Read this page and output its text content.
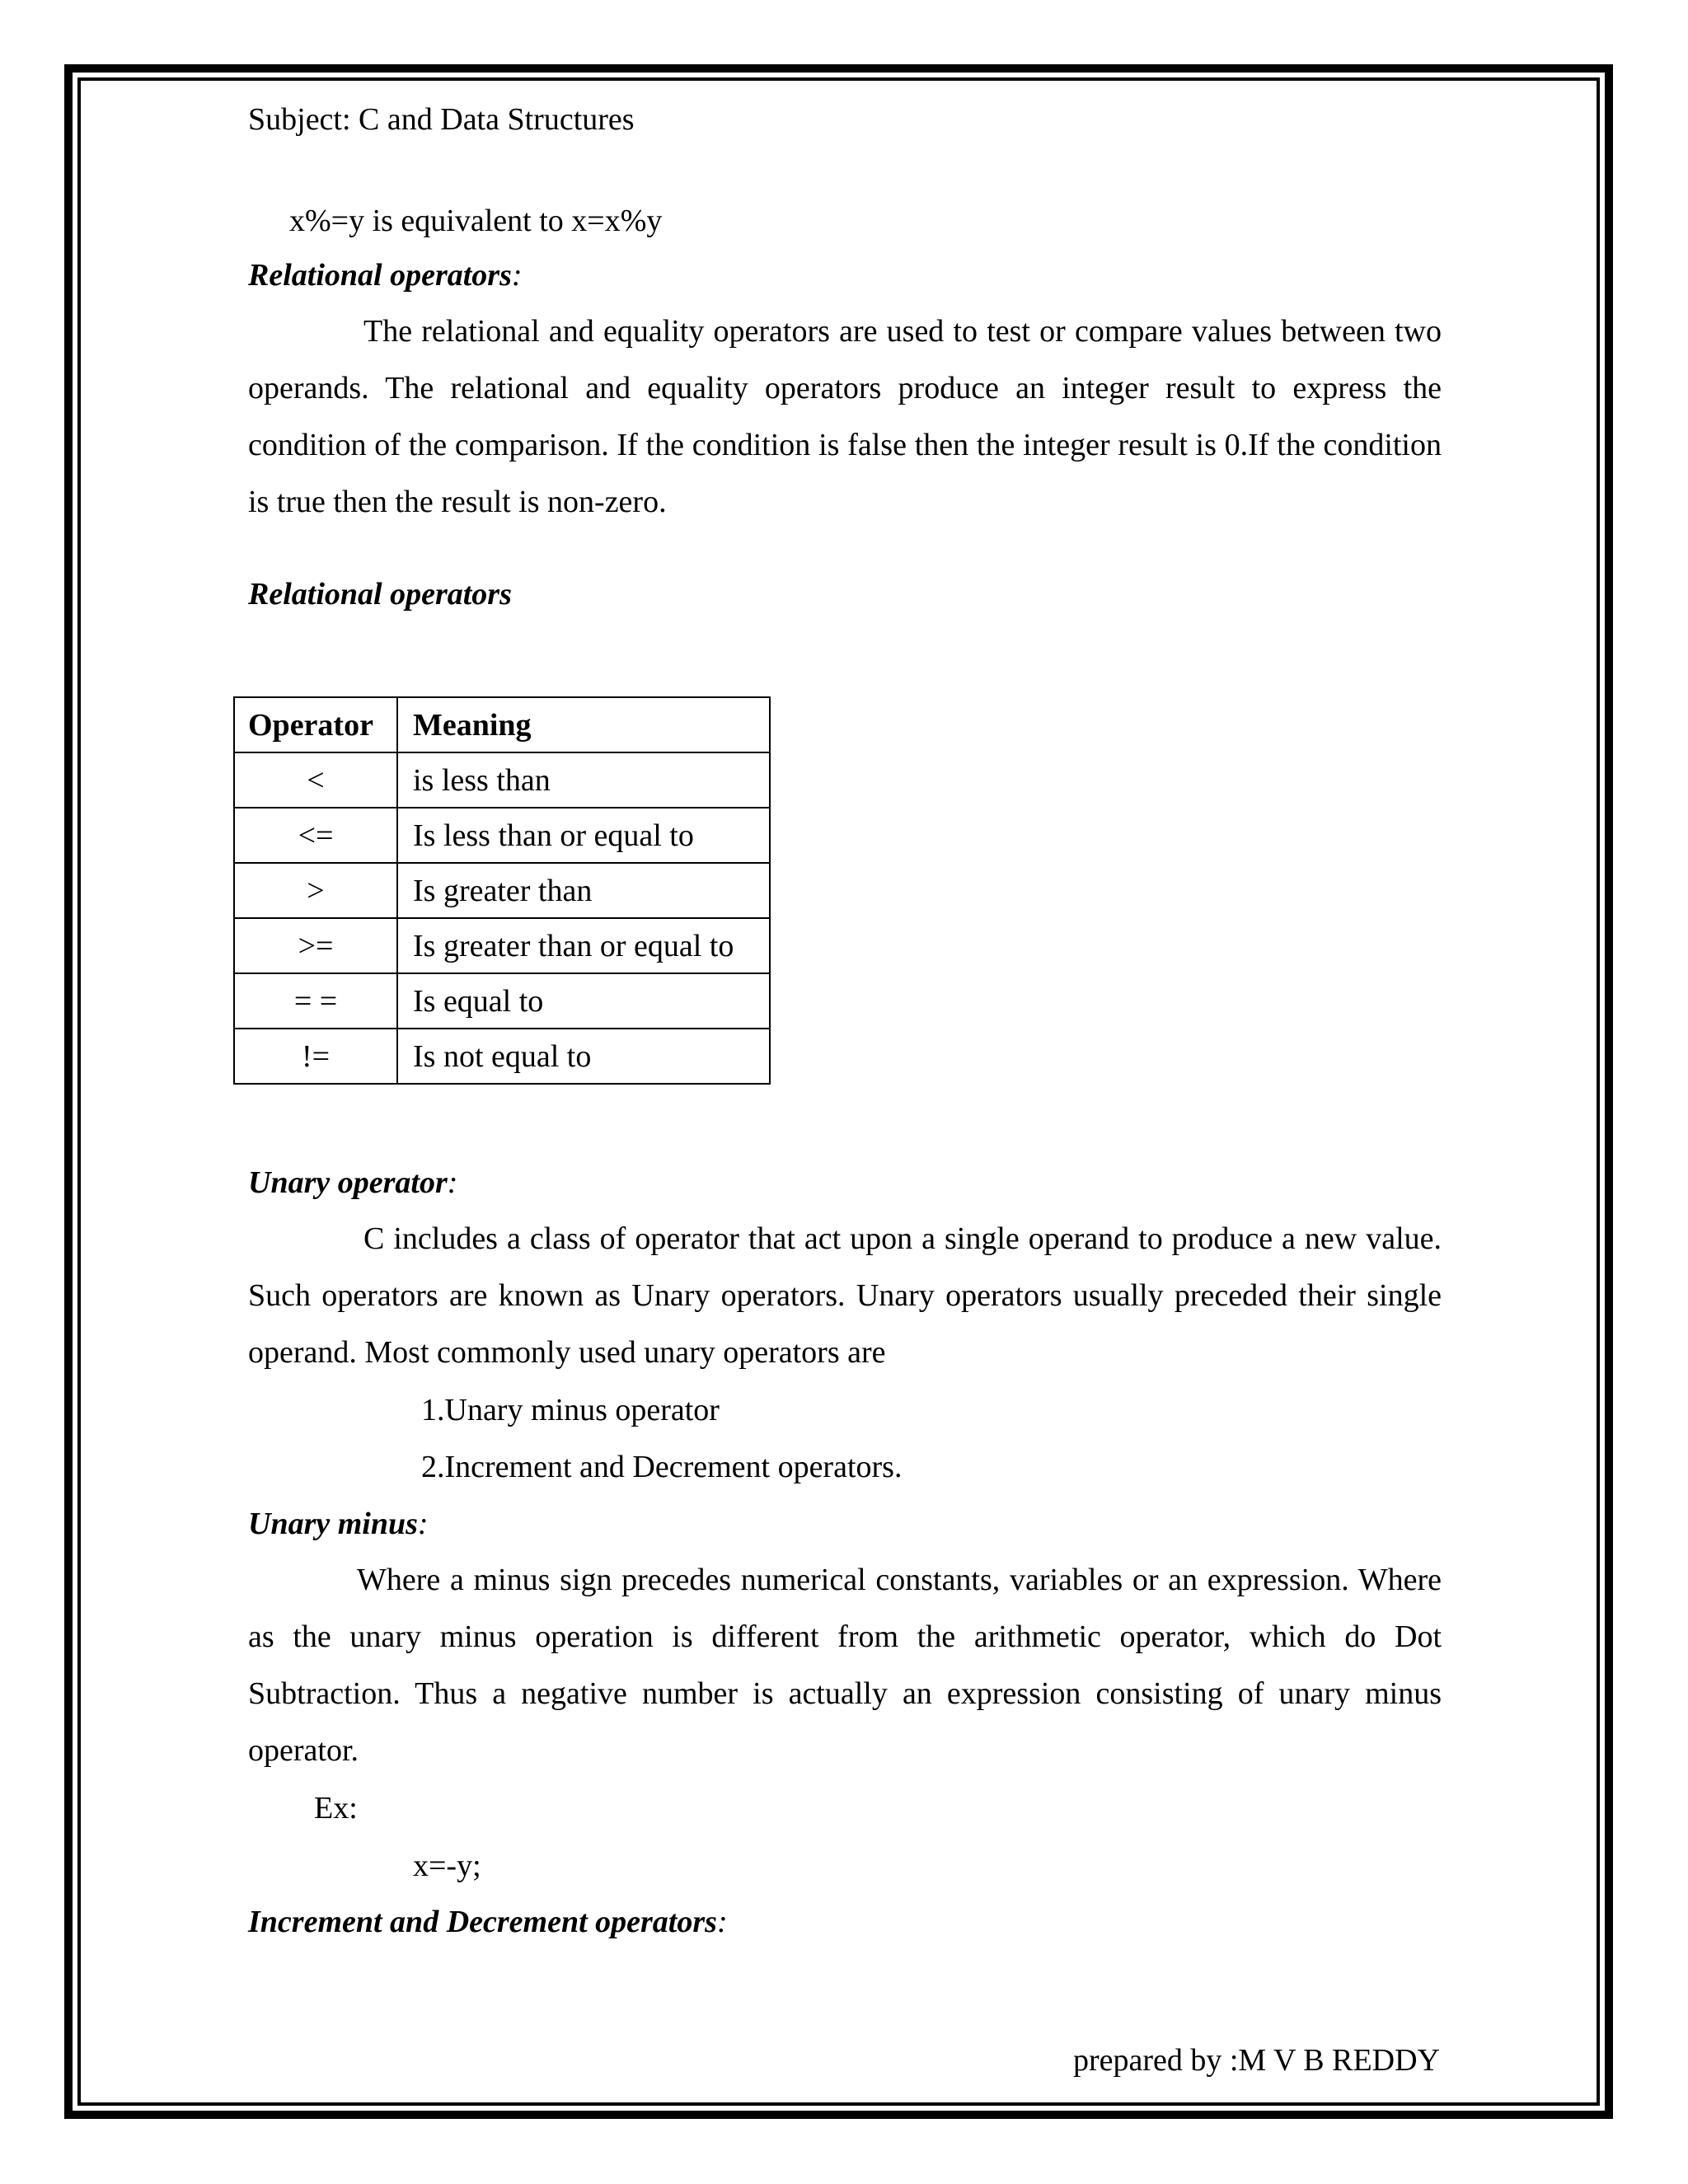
Subject: C and Data Structures
x%=y is equivalent to x=x%y
Relational operators:
The relational and equality operators are used to test or compare values between two operands. The relational and equality operators produce an integer result to express the condition of the comparison. If the condition is false then the integer result is 0.If the condition is true then the result is non-zero.
Relational operators
Operator	Meaning
<	is less than
<=	Is less than or equal to
>	Is greater than
>=	Is greater than or equal to
= =	Is equal to
!=	Is not equal to
Unary operator:
C includes a class of operator that act upon a single operand to produce a new value. Such operators are known as Unary operators. Unary operators usually preceded their single operand. Most commonly used unary operators are
1.Unary minus operator
2.Increment and Decrement operators.
Unary minus:
Where a minus sign precedes numerical constants, variables or an expression. Where as the unary minus operation is different from the arithmetic operator, which do Dot Subtraction. Thus a negative number is actually an expression consisting of unary minus operator.
Ex:
x=-y;
Increment and Decrement operators:
prepared by :M V B REDDY
